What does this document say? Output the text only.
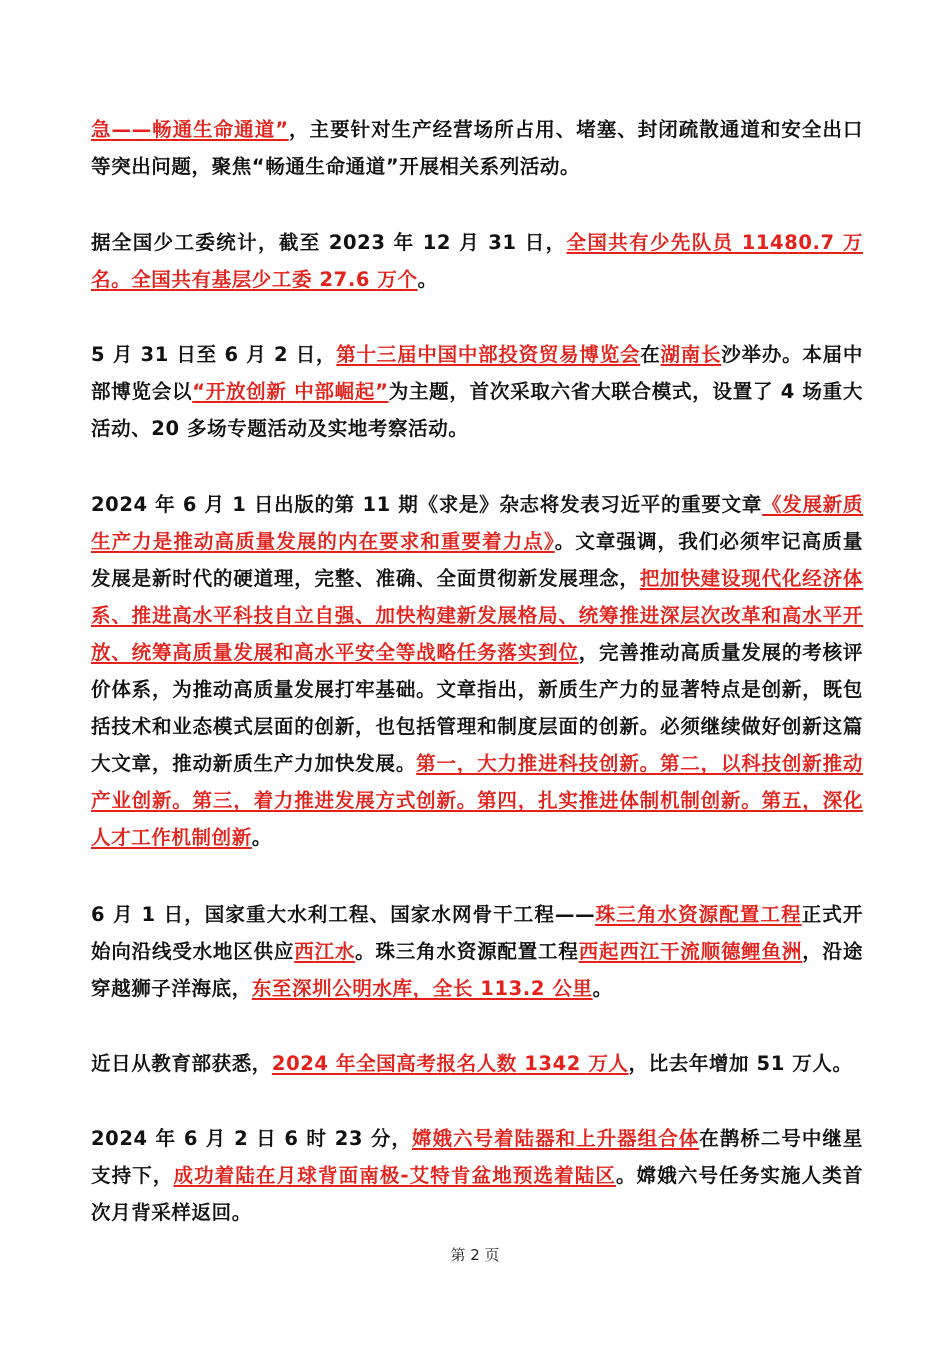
急——畅通生命通道”，主要针对生产经营场所占用、堵塞、封闭疏散通道和安全出口等突出问题，聚焦“畅通生命通道”开展相关系列活动。
据全国少工委统计，截至 2023 年 12 月 31 日，全国共有少先队员 11480.7 万名。全国共有基层少工委 27.6 万个。
5 月 31 日至 6 月 2 日，第十三届中国中部投资贸易博览会在湖南长沙举办。本届中部博览会以“开放创新 中部崛起”为主题，首次采取六省大联合模式，设置了 4 场重大活动、20 多场专题活动及实地考察活动。
2024 年 6 月 1 日出版的第 11 期《求是》杂志将发表习近平的重要文章《发展新质生产力是推动高质量发展的内在要求和重要着力点》。文章强调，我们必须牢记高质量发展是新时代的硬道理，完整、准确、全面贯彻新发展理念，把加快建设现代化经济体系、推进高水平科技自立自强、加快构建新发展格局、统筹推进深层次改革和高水平开放、统筹高质量发展和高水平安全等战略任务落实到位，完善推动高质量发展的考核评价体系，为推动高质量发展打牢基础。文章指出，新质生产力的显著特点是创新，既包括技术和业态模式层面的创新，也包括管理和制度层面的创新。必须继续做好创新这篇大文章，推动新质生产力加快发展。第一，大力推进科技创新。第二，以科技创新推动产业创新。第三，着力推进发展方式创新。第四，扎实推进体制机制创新。第五，深化人才工作机制创新。
6 月 1 日，国家重大水利工程、国家水网骨干工程——珠三角水资源配置工程正式开始向沿线受水地区供应西江水。珠三角水资源配置工程西起西江干流顺德鲤鱼洲，沿途穿越狮子洋海底，东至深圳公明水库，全长 113.2 公里。
近日从教育部获悉，2024 年全国高考报名人数 1342 万人，比去年增加 51 万人。
2024 年 6 月 2 日 6 时 23 分，嫦娥六号着陆器和上升器组合体在鹊桥二号中继星支持下，成功着陆在月球背面南极-艾特肯盆地预选着陆区。嫦娥六号任务实施人类首次月背采样返回。
第 2 页
